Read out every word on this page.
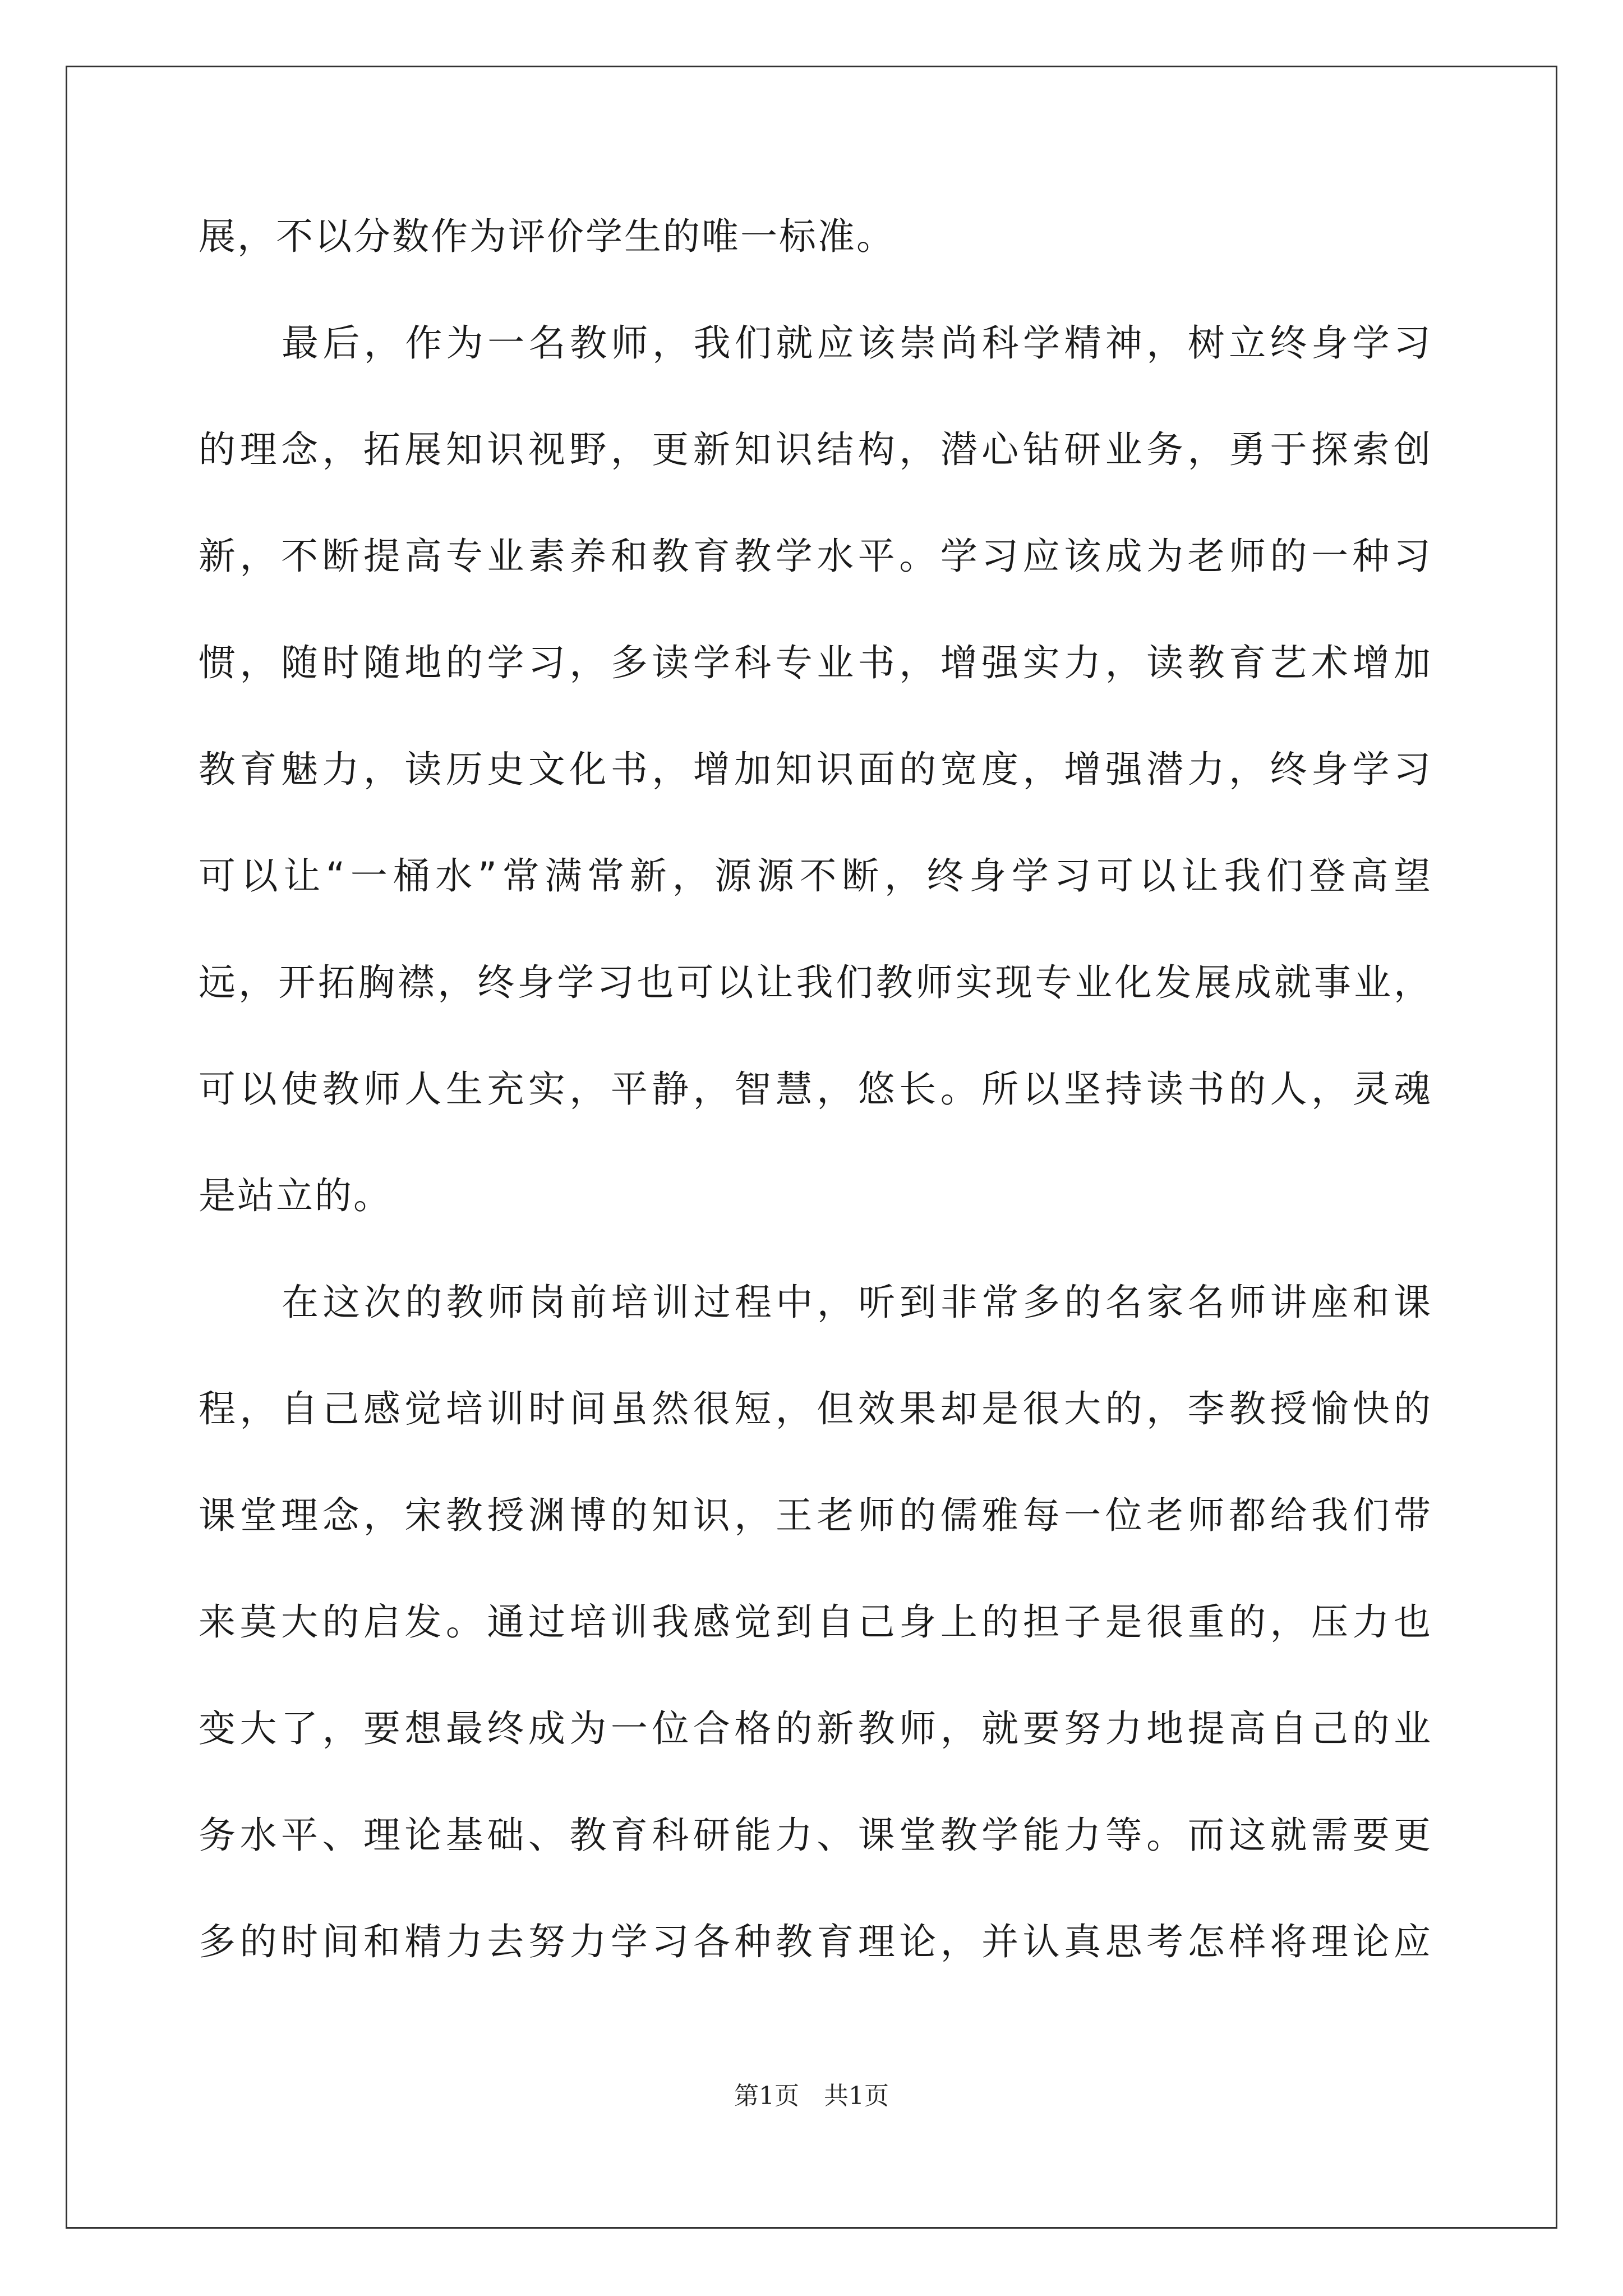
展，不以分数作为评价学生的唯一标准。
最后，作为一名教师，我们就应该崇尚科学精神，树立终身学习
的理念，拓展知识视野，更新知识结构，潜心钻研业务，勇于探索创
新，不断提高专业素养和教育教学水平。学习应该成为老师的一种习
惯，随时随地的学习，多读学科专业书，增强实力，读教育艺术增加
教育魅力，读历史文化书，增加知识面的宽度，增强潜力，终身学习
可以让“一桶水”常满常新，源源不断，终身学习可以让我们登高望
远，开拓胸襟，终身学习也可以让我们教师实现专业化发展成就事业，
可以使教师人生充实，平静，智慧，悠长。所以坚持读书的人，灵魂
是站立的。
在这次的教师岗前培训过程中，听到非常多的名家名师讲座和课
程，自己感觉培训时间虽然很短，但效果却是很大的，李教授愉快的
课堂理念，宋教授渊博的知识，王老师的儒雅每一位老师都给我们带
来莫大的启发。通过培训我感觉到自己身上的担子是很重的，压力也
变大了，要想最终成为一位合格的新教师，就要努力地提高自己的业
务水平、理论基础、教育科研能力、课堂教学能力等。而这就需要更
多的时间和精力去努力学习各种教育理论，并认真思考怎样将理论应
第1页 共1页
